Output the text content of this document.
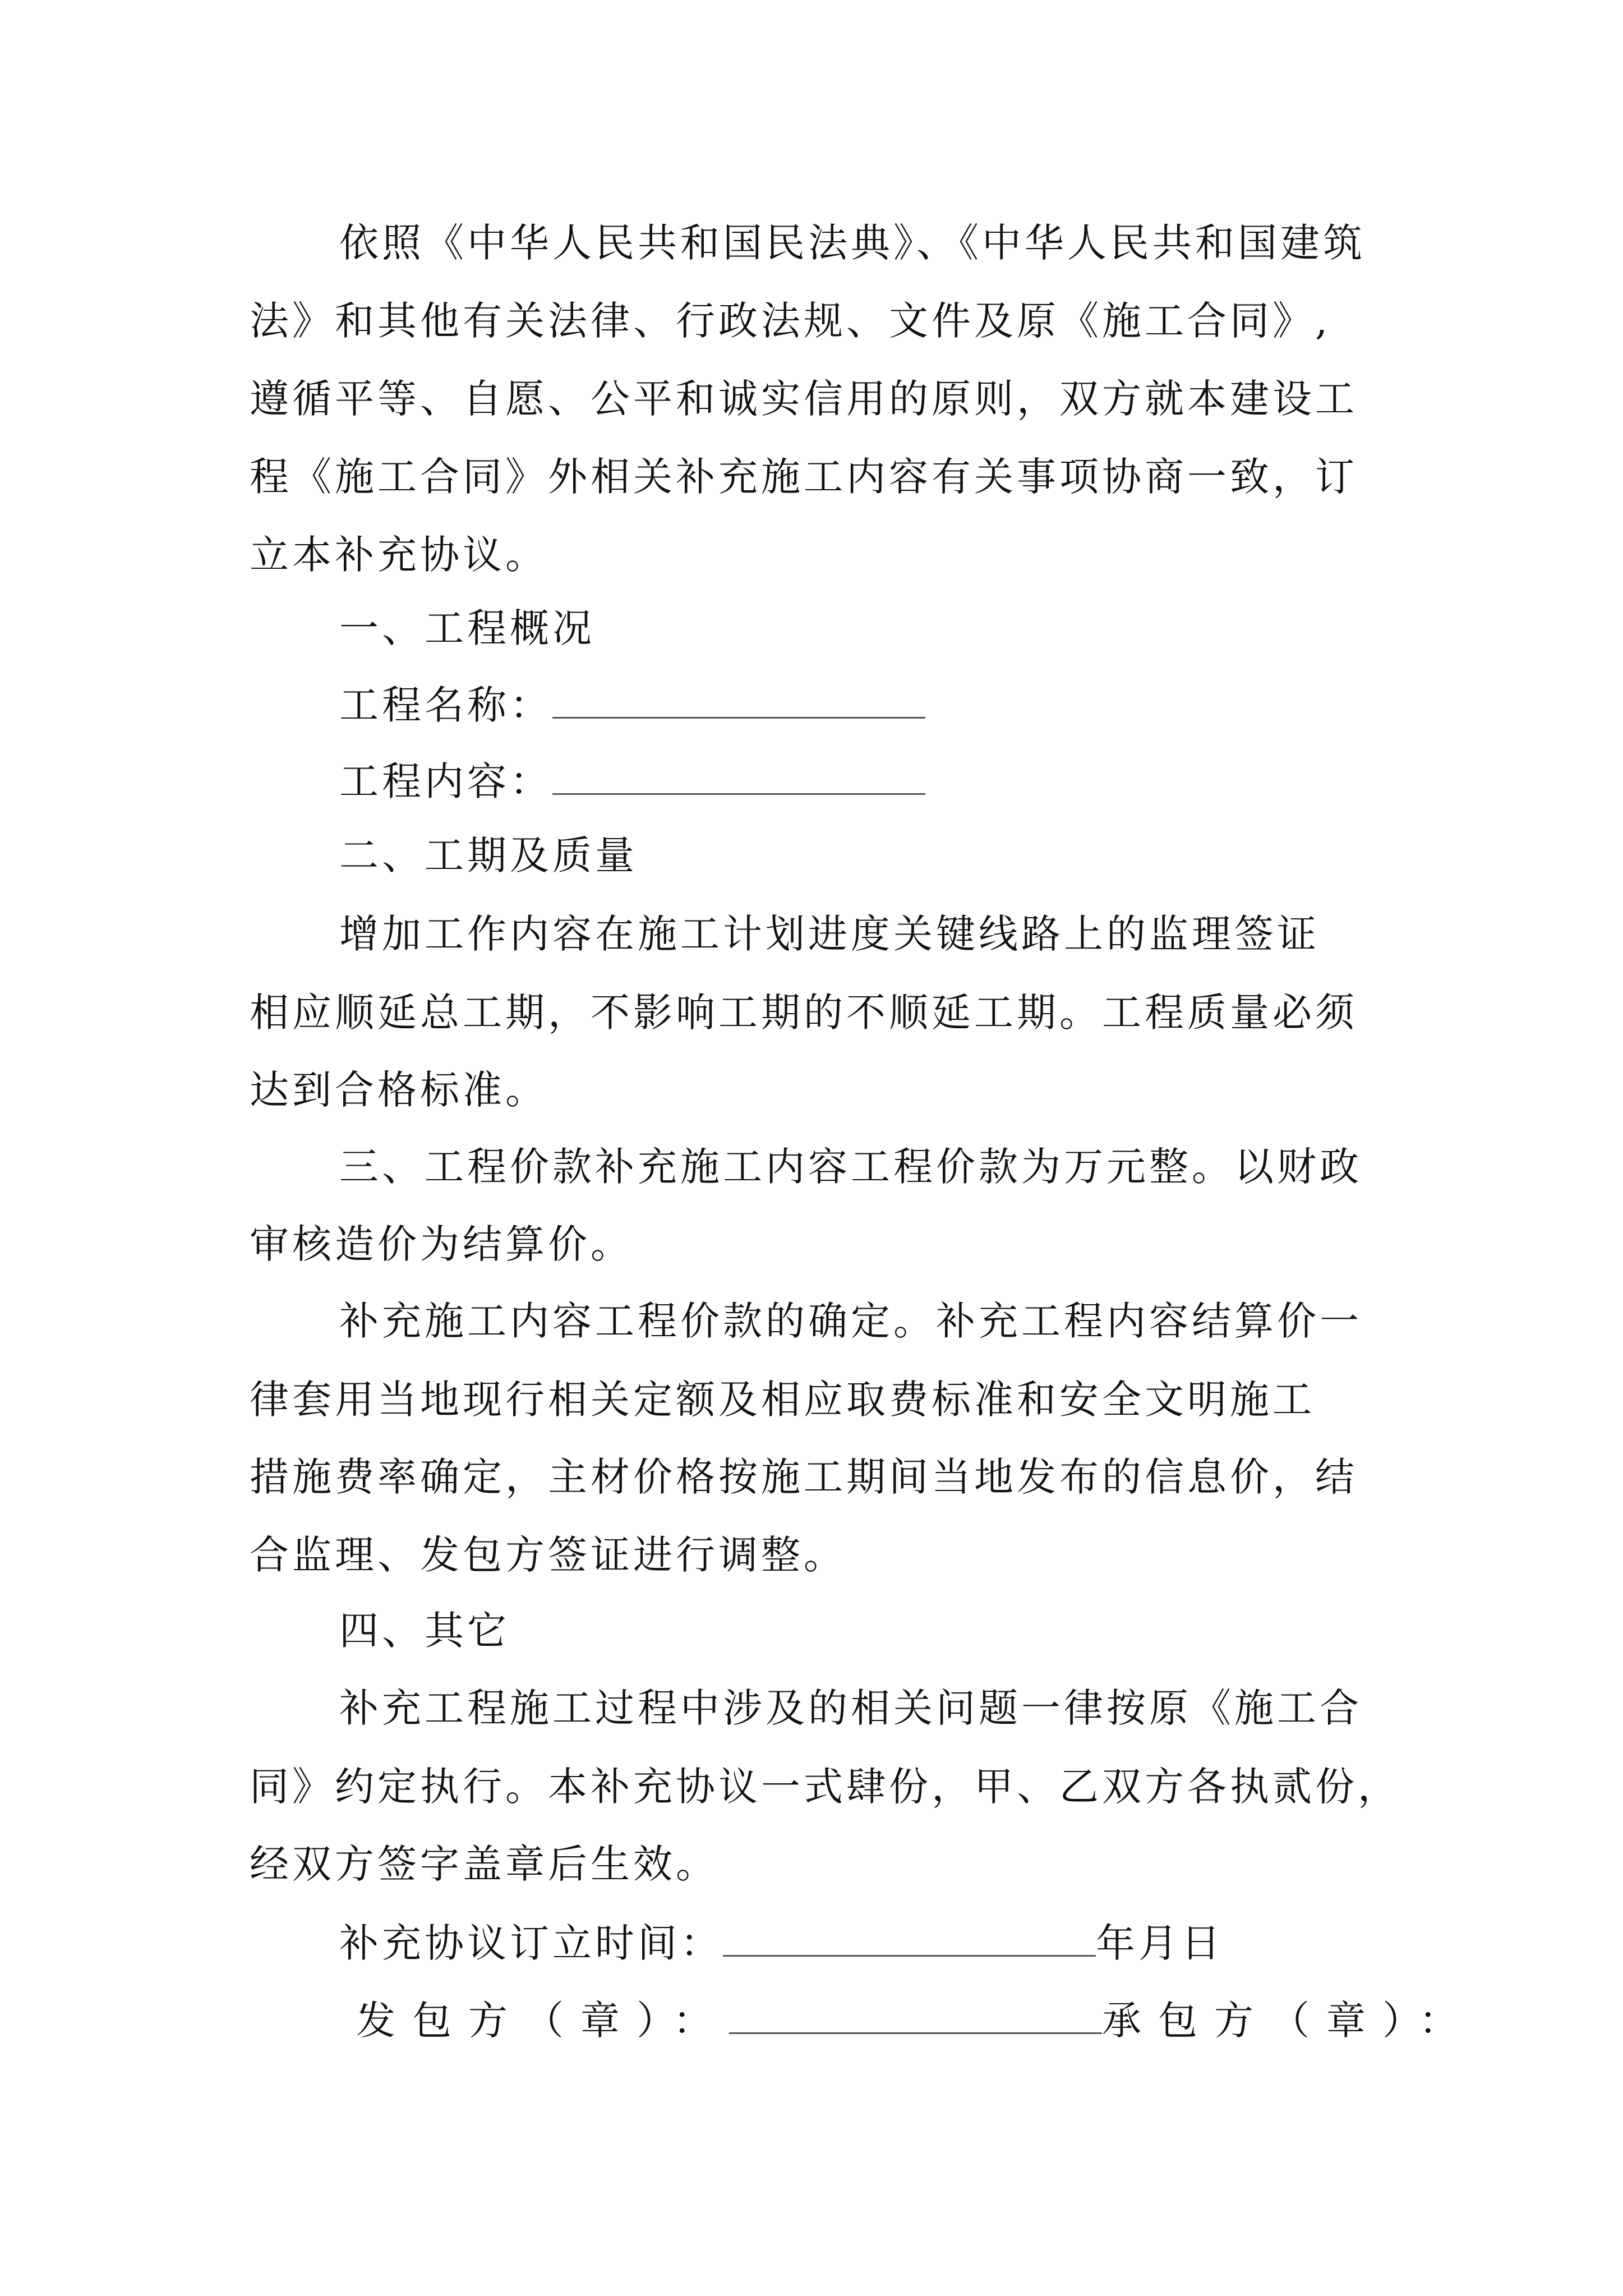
依照《中华人民共和国民法典》、《中华人民共和国建筑
法》和其他有关法律、行政法规、文件及原《施工合同》,
遵循平等、自愿、公平和诚实信用的原则，双方就本建设工
程《施工合同》外相关补充施工内容有关事项协商一致，订
立本补充协议。
一、工程概况
工程名称：
工程内容：
二、工期及质量
增加工作内容在施工计划进度关键线路上的监理签证
相应顺延总工期，不影响工期的不顺延工期。工程质量必须
达到合格标准。
三、工程价款补充施工内容工程价款为万元整。以财政
审核造价为结算价。
补充施工内容工程价款的确定。补充工程内容结算价一
律套用当地现行相关定额及相应取费标准和安全文明施工
措施费率确定，主材价格按施工期间当地发布的信息价，结
合监理、发包方签证进行调整。
四、其它
补充工程施工过程中涉及的相关问题一律按原《施工合
同》约定执行。本补充协议一式肆份，甲、乙双方各执贰份，
经双方签字盖章后生效。
补充协议订立时间：	年月日
发包方（章）：	承包方（章）：
